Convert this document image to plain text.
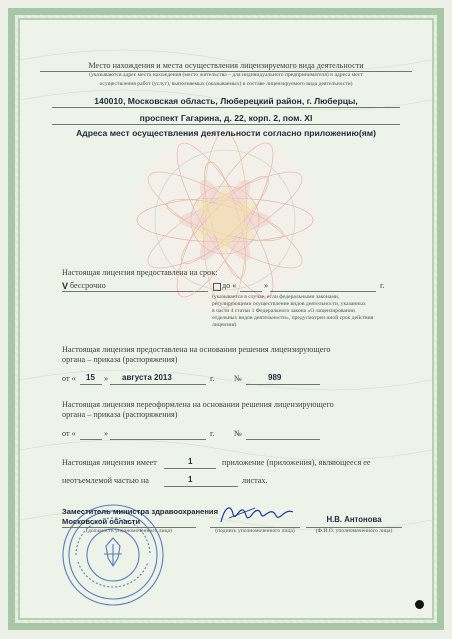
Место нахождения и места осуществления лицензируемого вида деятельности
(указываются адрес места нахождения (место жительства – для индивидуального предпринимателя) и адреса мест
осуществления работ (услуг), выполняемых (оказываемых) в составе лицензируемого вида деятельности)
140010, Московская область, Люберецкий район, г. Люберцы,
проспект Гагарина, д. 22, корп. 2, пом. XI
Адреса мест осуществления деятельности согласно приложению(ям)
Настоящая лицензия предоставлена на срок:
V бессрочно	до «	»	г.
(указывается в случае, если федеральными законами,
регулирующими осуществление видов деятельности, указанных
в части 4 статьи 1 Федерального закона «О лицензировании
отдельных видов деятельности», предусмотрен иной срок действия
лицензии)
Настоящая лицензия предоставлена на основании решения лицензирующего
органа – приказа (распоряжения)
от « 15 » августа 2013	г. №	989
Настоящая лицензия переоформлена на основании решения лицензирующего
органа – приказа (распоряжения)
от «	»	г. №
Настоящая лицензия имеет	1	приложение (приложения), являющееся ее
неотъемлемой частью на	1	листах.
Заместитель министра здравоохранения
Московской области
(должность уполномоченного лица)	(подпись уполномоченного лица)
Н.В. Антонова
(Ф.И.О. уполномоченного лица)
